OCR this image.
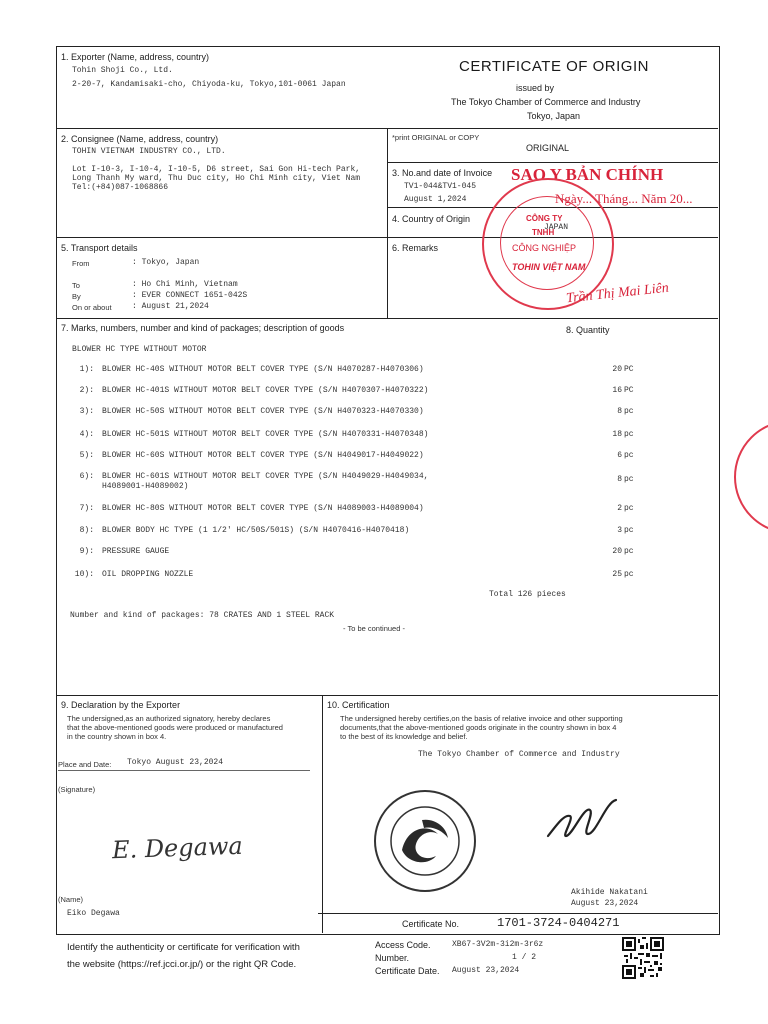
1. Exporter (Name, address, country)
Tohin Shoji Co., Ltd.
2-20-7, Kandamisaki-cho, Chiyoda-ku, Tokyo,101-0061 Japan
CERTIFICATE OF ORIGIN
issued by
The Tokyo Chamber of Commerce and Industry
Tokyo, Japan
2. Consignee (Name, address, country)
TOHIN VIETNAM INDUSTRY CO., LTD.
Lot I-10-3, I-10-4, I-10-5, D6 street, Sai Gon Hi-tech Park,
Long Thanh My ward, Thu Duc city, Ho Chi Minh city, Viet Nam
Tel:(+84)087-1068866
*print ORIGINAL or COPY
ORIGINAL
3. No.and date of Invoice
TV1-044&TV1-045
August 1,2024
4. Country of Origin
JAPAN
5. Transport details
From	: Tokyo, Japan
To	: Ho Chi Minh, Vietnam
By	: EVER CONNECT 1651-042S
On or about	: August 21,2024
6. Remarks
SAO Y BẢN CHÍNH
Ngày... Tháng... Năm 20...
CÔNG TY
TNHH
CÔNG NGHIỆP
TOHIN VIỆT NAM
Trần Thị Mai Liên
7. Marks, numbers, number and kind of packages; description of goods	8. Quantity
BLOWER HC TYPE WITHOUT MOTOR
1): BLOWER HC-40S WITHOUT MOTOR BELT COVER TYPE (S/N H4070287-H4070306)	20 PC
2): BLOWER HC-401S WITHOUT MOTOR BELT COVER TYPE (S/N H4070307-H4070322)	16 PC
3): BLOWER HC-50S WITHOUT MOTOR BELT COVER TYPE (S/N H4070323-H4070330)	8 pc
4): BLOWER HC-501S WITHOUT MOTOR BELT COVER TYPE (S/N H4070331-H4070348)	18 pc
5): BLOWER HC-60S WITHOUT MOTOR BELT COVER TYPE (S/N H4049017-H4049022)	6 pc
6): BLOWER HC-601S WITHOUT MOTOR BELT COVER TYPE (S/N H4049029-H4049034,
H4089001-H4089002)
8 pc
7): BLOWER HC-80S WITHOUT MOTOR BELT COVER TYPE (S/N H4089003-H4089004)	2 pc
8): BLOWER BODY HC TYPE (1 1/2' HC/50S/501S) (S/N H4070416-H4070418)	3 pc
9): PRESSURE GAUGE	20 pc
10): OIL DROPPING NOZZLE	25 pc
Total 126 pieces
Number and kind of packages: 78 CRATES AND 1 STEEL RACK
- To be continued -
9. Declaration by the Exporter
The undersigned,as an authorized signatory, hereby declares
that the above-mentioned goods were produced or manufactured
in the country shown in box 4.
Place and Date: Tokyo August 23,2024
(Signature)
E. Degawa
(Name)
Eiko Degawa
10. Certification
The undersigned hereby certifies,on the basis of relative invoice and other supporting
documents,that the above-mentioned goods originate in the country shown in box 4
to the best of its knowledge and belief.
The Tokyo Chamber of Commerce and Industry
Akihide Nakatani
August 23,2024
Certificate No.	1701-3724-0404271
Identify the authenticity or certificate for verification with
the website (https://ref.jcci.or.jp/) or the right QR Code.
Access Code.	XB67-3V2m-3i2m-3r6z
Number.	1 / 2
Certificate Date. August 23,2024
